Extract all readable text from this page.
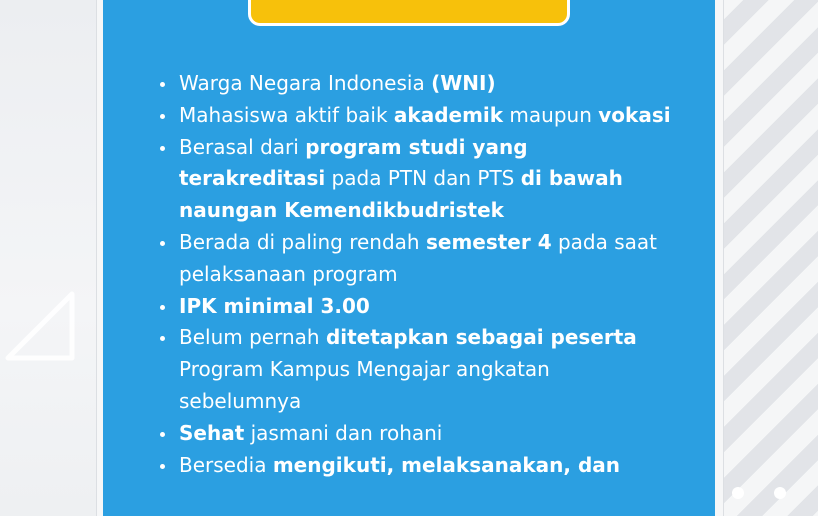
Warga Negara Indonesia (WNI)
Mahasiswa aktif baik akademik maupun vokasi
Berasal dari program studi yang terakreditasi pada PTN dan PTS di bawah naungan Kemendikbudristek
Berada di paling rendah semester 4 pada saat pelaksanaan program
IPK minimal 3.00
Belum pernah ditetapkan sebagai peserta Program Kampus Mengajar angkatan sebelumnya
Sehat jasmani dan rohani
Bersedia mengikuti, melaksanakan, dan
